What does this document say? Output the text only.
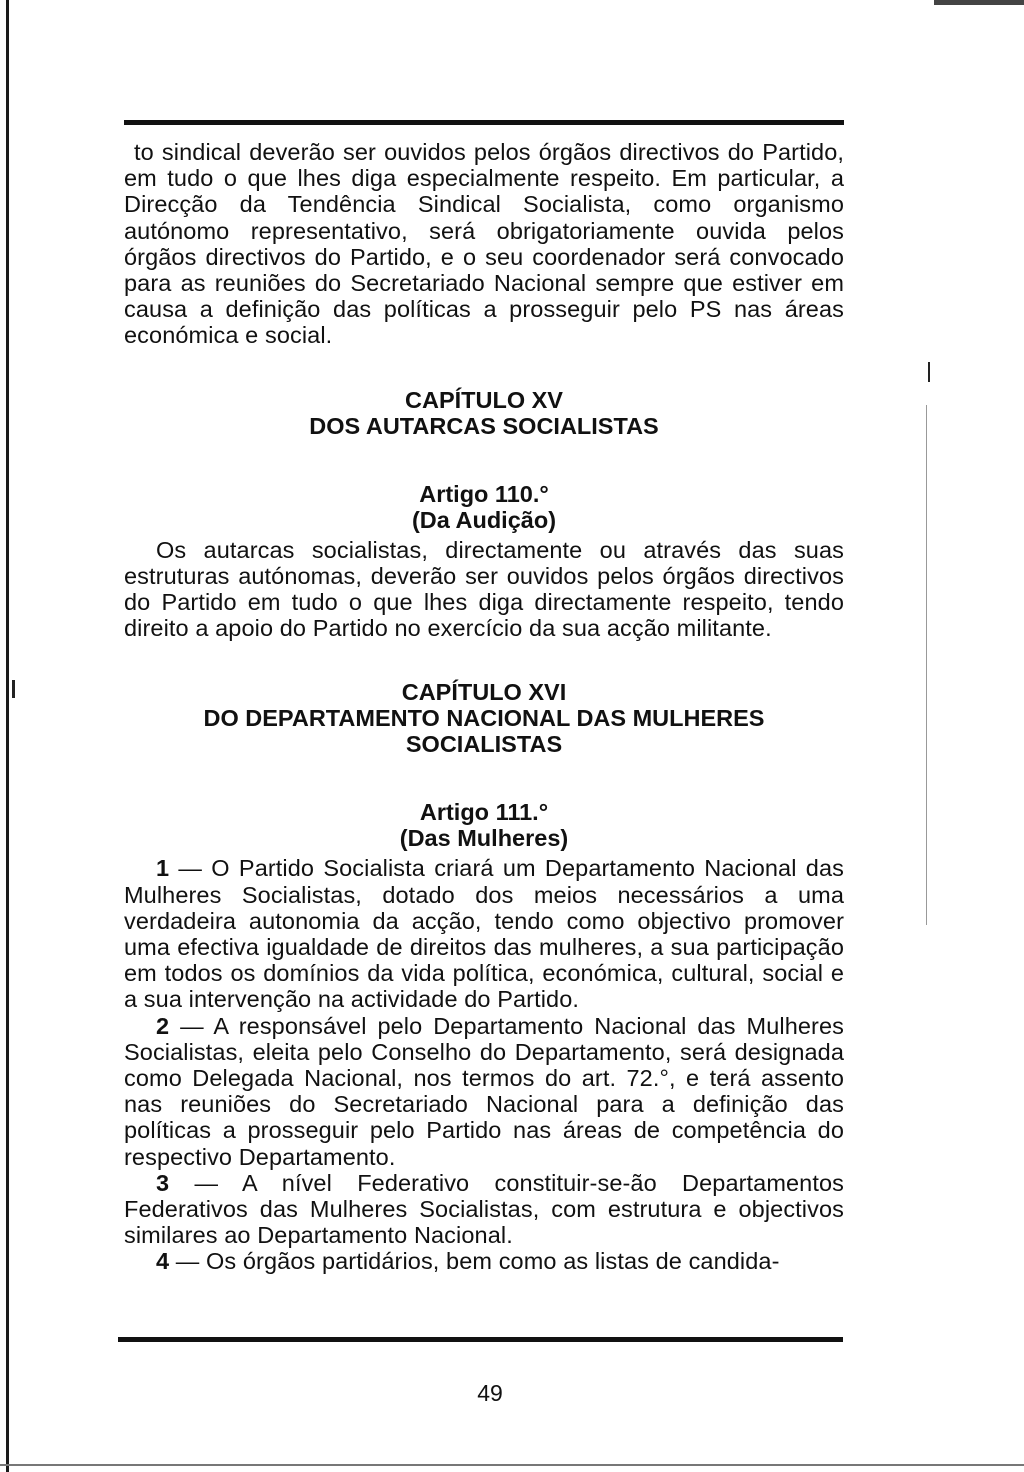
to sindical deverão ser ouvidos pelos órgãos directivos do Partido, em tudo o que lhes diga especialmente respeito. Em particular, a Direcção da Tendência Sindical Socialista, como organismo autónomo representativo, será obrigatoriamente ouvida pelos órgãos directivos do Partido, e o seu coordenador será convocado para as reuniões do Secretariado Nacional sempre que estiver em causa a definição das políticas a prosseguir pelo PS nas áreas económica e social.

CAPÍTULO XV

DOS AUTARCAS SOCIALISTAS

Artigo 110.°

(Da Audição)

Os autarcas socialistas, directamente ou através das suas estruturas autónomas, deverão ser ouvidos pelos órgãos directivos do Partido em tudo o que lhes diga directamente respeito, tendo direito a apoio do Partido no exercício da sua acção militante.

CAPÍTULO XVI

DO DEPARTAMENTO NACIONAL DAS MULHERES

SOCIALISTAS

Artigo 111.°

(Das Mulheres)

1 — O Partido Socialista criará um Departamento Nacional das Mulheres Socialistas, dotado dos meios necessários a uma verdadeira autonomia da acção, tendo como objectivo promover uma efectiva igualdade de direitos das mulheres, a sua participação em todos os domínios da vida política, económica, cultural, social e a sua intervenção na actividade do Partido.

2 — A responsável pelo Departamento Nacional das Mulheres Socialistas, eleita pelo Conselho do Departamento, será designada como Delegada Nacional, nos termos do art. 72.°, e terá assento nas reuniões do Secretariado Nacional para a definição das políticas a prosseguir pelo Partido nas áreas de competência do respectivo Departamento.

3 — A nível Federativo constituir-se-ão Departamentos Federativos das Mulheres Socialistas, com estrutura e objectivos similares ao Departamento Nacional.

4 — Os órgãos partidários, bem como as listas de candida-

49
